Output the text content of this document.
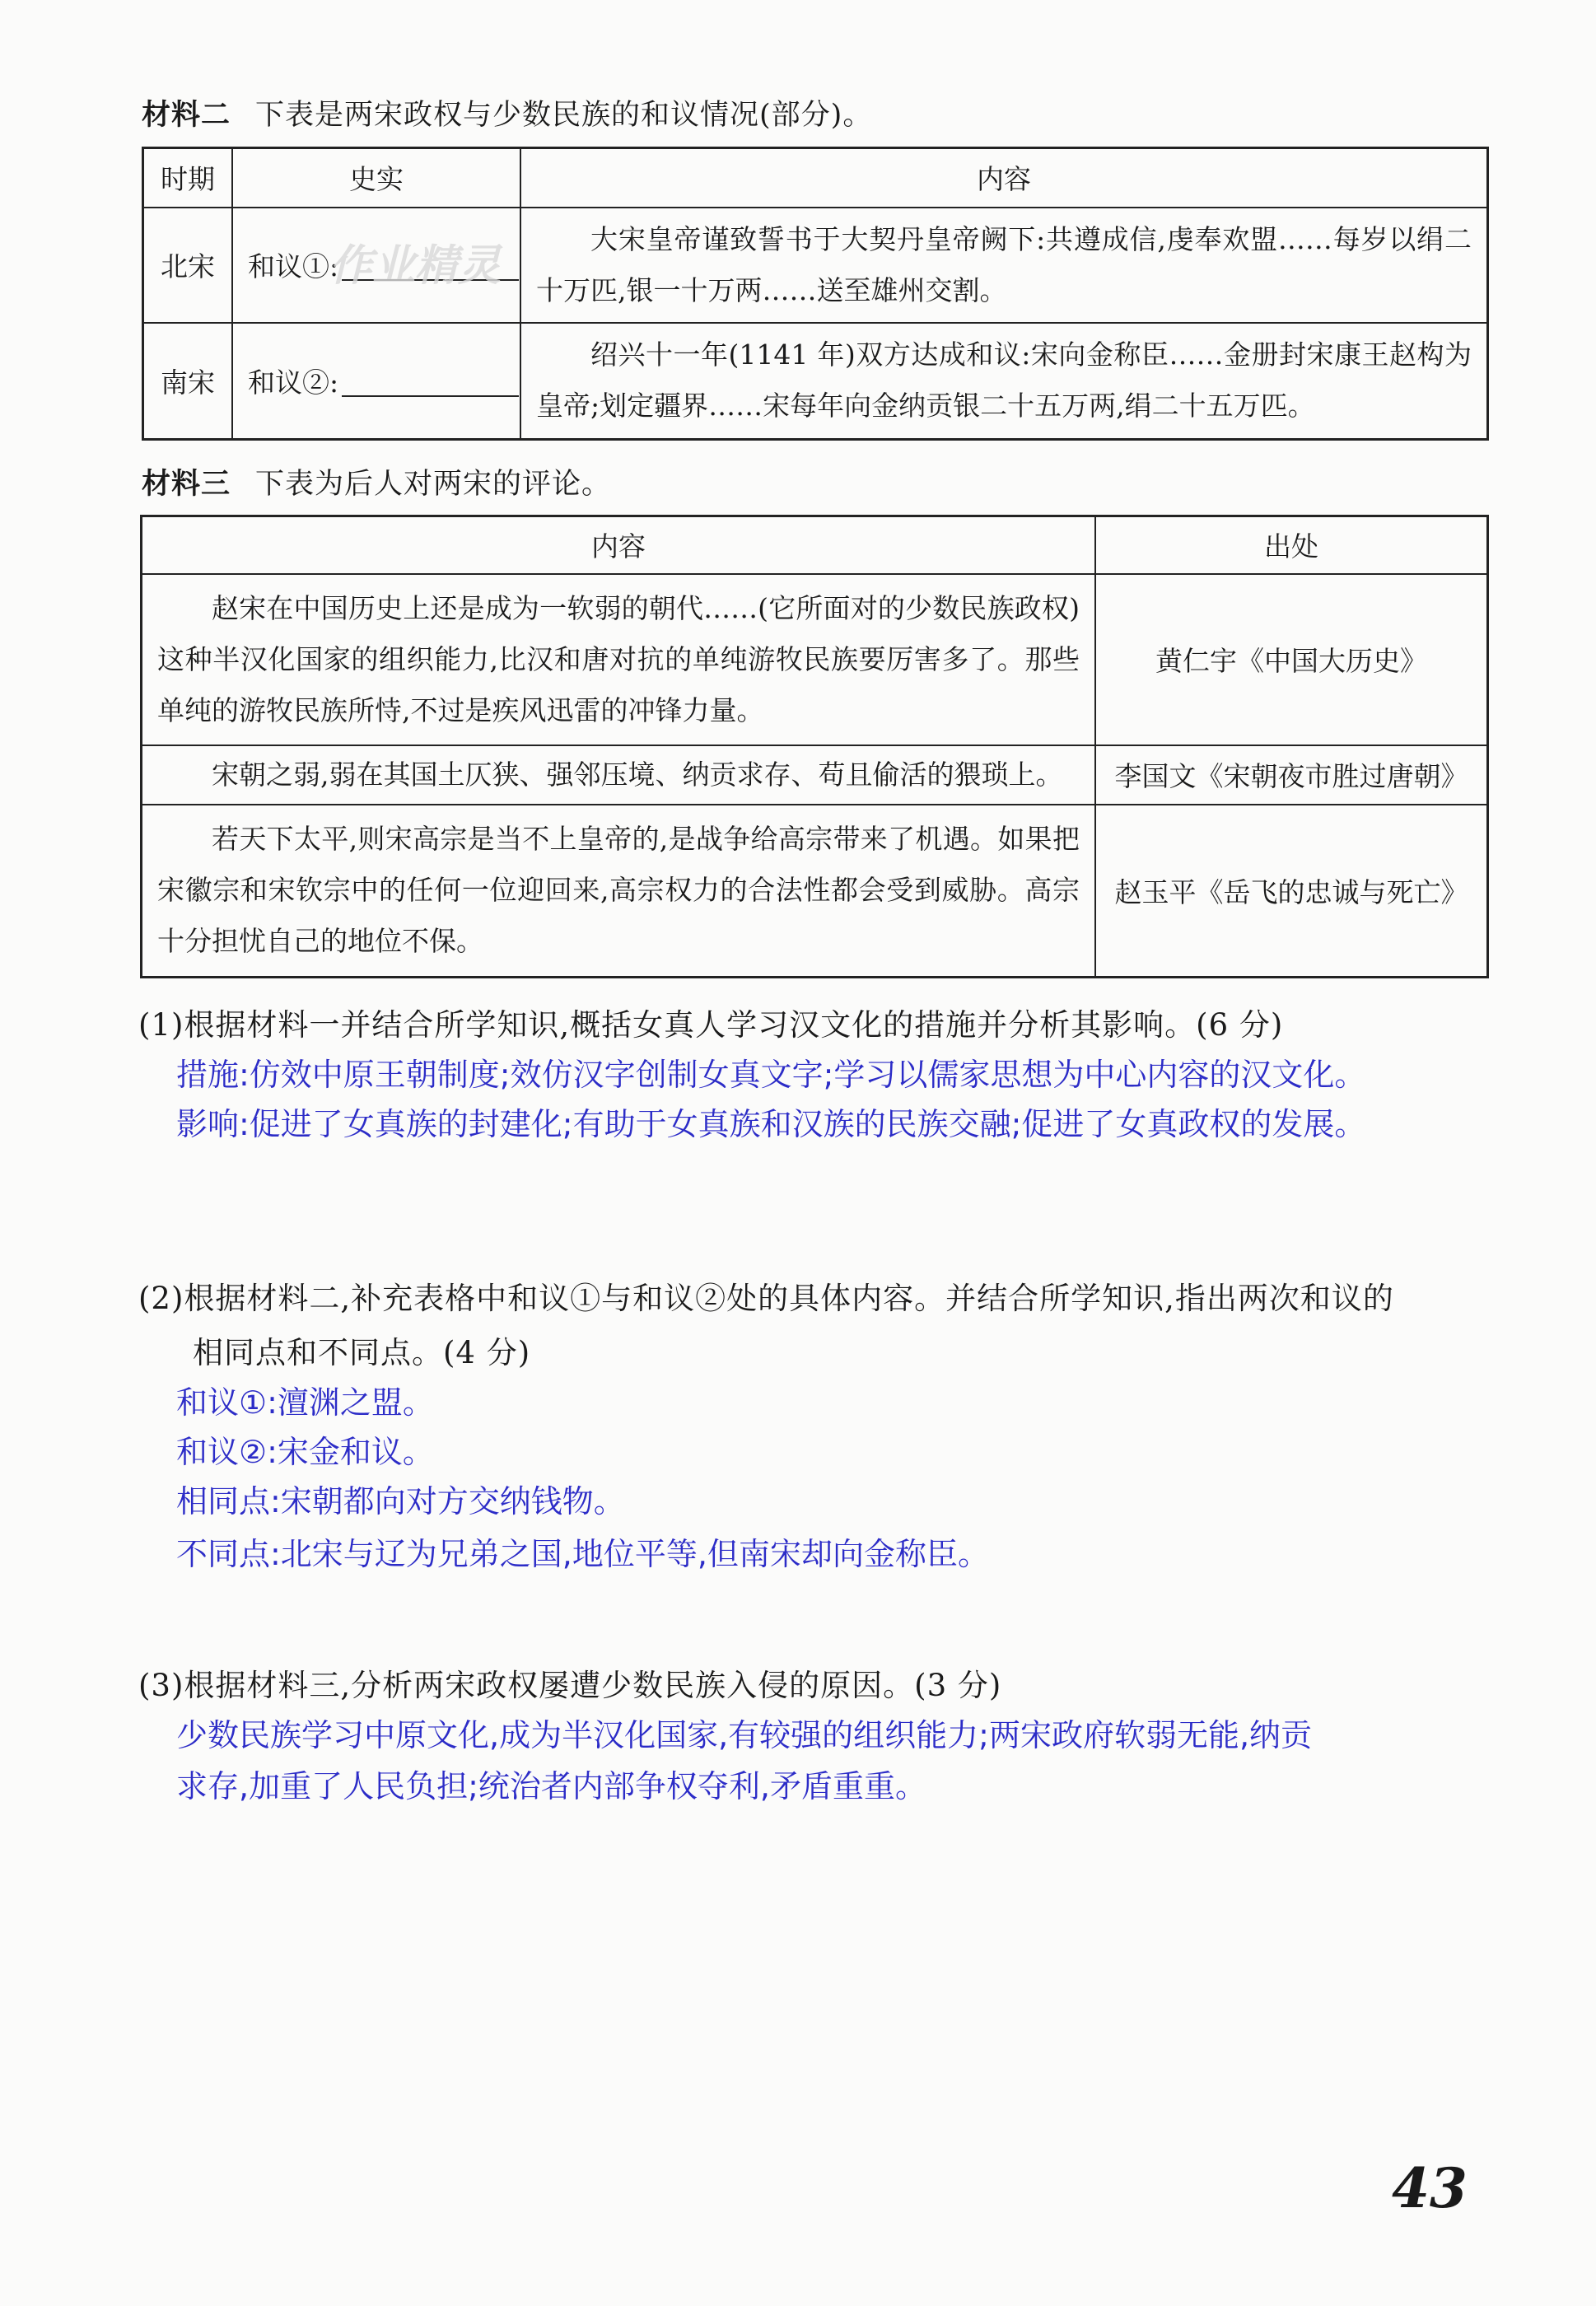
材料二 下表是两宋政权与少数民族的和议情况(部分)。
时期	史实	内容
北宋	和议①:	大宋皇帝谨致誓书于大契丹皇帝阙下:共遵成信,虔奉欢盟……每岁以绢二十万匹,银一十万两……送至雄州交割。
南宋	和议②:	绍兴十一年(1141 年)双方达成和议:宋向金称臣……金册封宋康王赵构为皇帝;划定疆界……宋每年向金纳贡银二十五万两,绢二十五万匹。
作业精灵
材料三 下表为后人对两宋的评论。
内容	出处
赵宋在中国历史上还是成为一软弱的朝代……(它所面对的少数民族政权)这种半汉化国家的组织能力,比汉和唐对抗的单纯游牧民族要厉害多了。那些单纯的游牧民族所恃,不过是疾风迅雷的冲锋力量。	黄仁宇《中国大历史》
宋朝之弱,弱在其国土仄狭、强邻压境、纳贡求存、苟且偷活的猥琐上。	李国文《宋朝夜市胜过唐朝》
若天下太平,则宋高宗是当不上皇帝的,是战争给高宗带来了机遇。如果把宋徽宗和宋钦宗中的任何一位迎回来,高宗权力的合法性都会受到威胁。高宗十分担忧自己的地位不保。	赵玉平《岳飞的忠诚与死亡》
(1)根据材料一并结合所学知识,概括女真人学习汉文化的措施并分析其影响。(6 分)
措施:仿效中原王朝制度;效仿汉字创制女真文字;学习以儒家思想为中心内容的汉文化。
影响:促进了女真族的封建化;有助于女真族和汉族的民族交融;促进了女真政权的发展。
(2)根据材料二,补充表格中和议①与和议②处的具体内容。并结合所学知识,指出两次和议的
相同点和不同点。(4 分)
和议①:澶渊之盟。
和议②:宋金和议。
相同点:宋朝都向对方交纳钱物。
不同点:北宋与辽为兄弟之国,地位平等,但南宋却向金称臣。
(3)根据材料三,分析两宋政权屡遭少数民族入侵的原因。(3 分)
少数民族学习中原文化,成为半汉化国家,有较强的组织能力;两宋政府软弱无能,纳贡
求存,加重了人民负担;统治者内部争权夺利,矛盾重重。
43
